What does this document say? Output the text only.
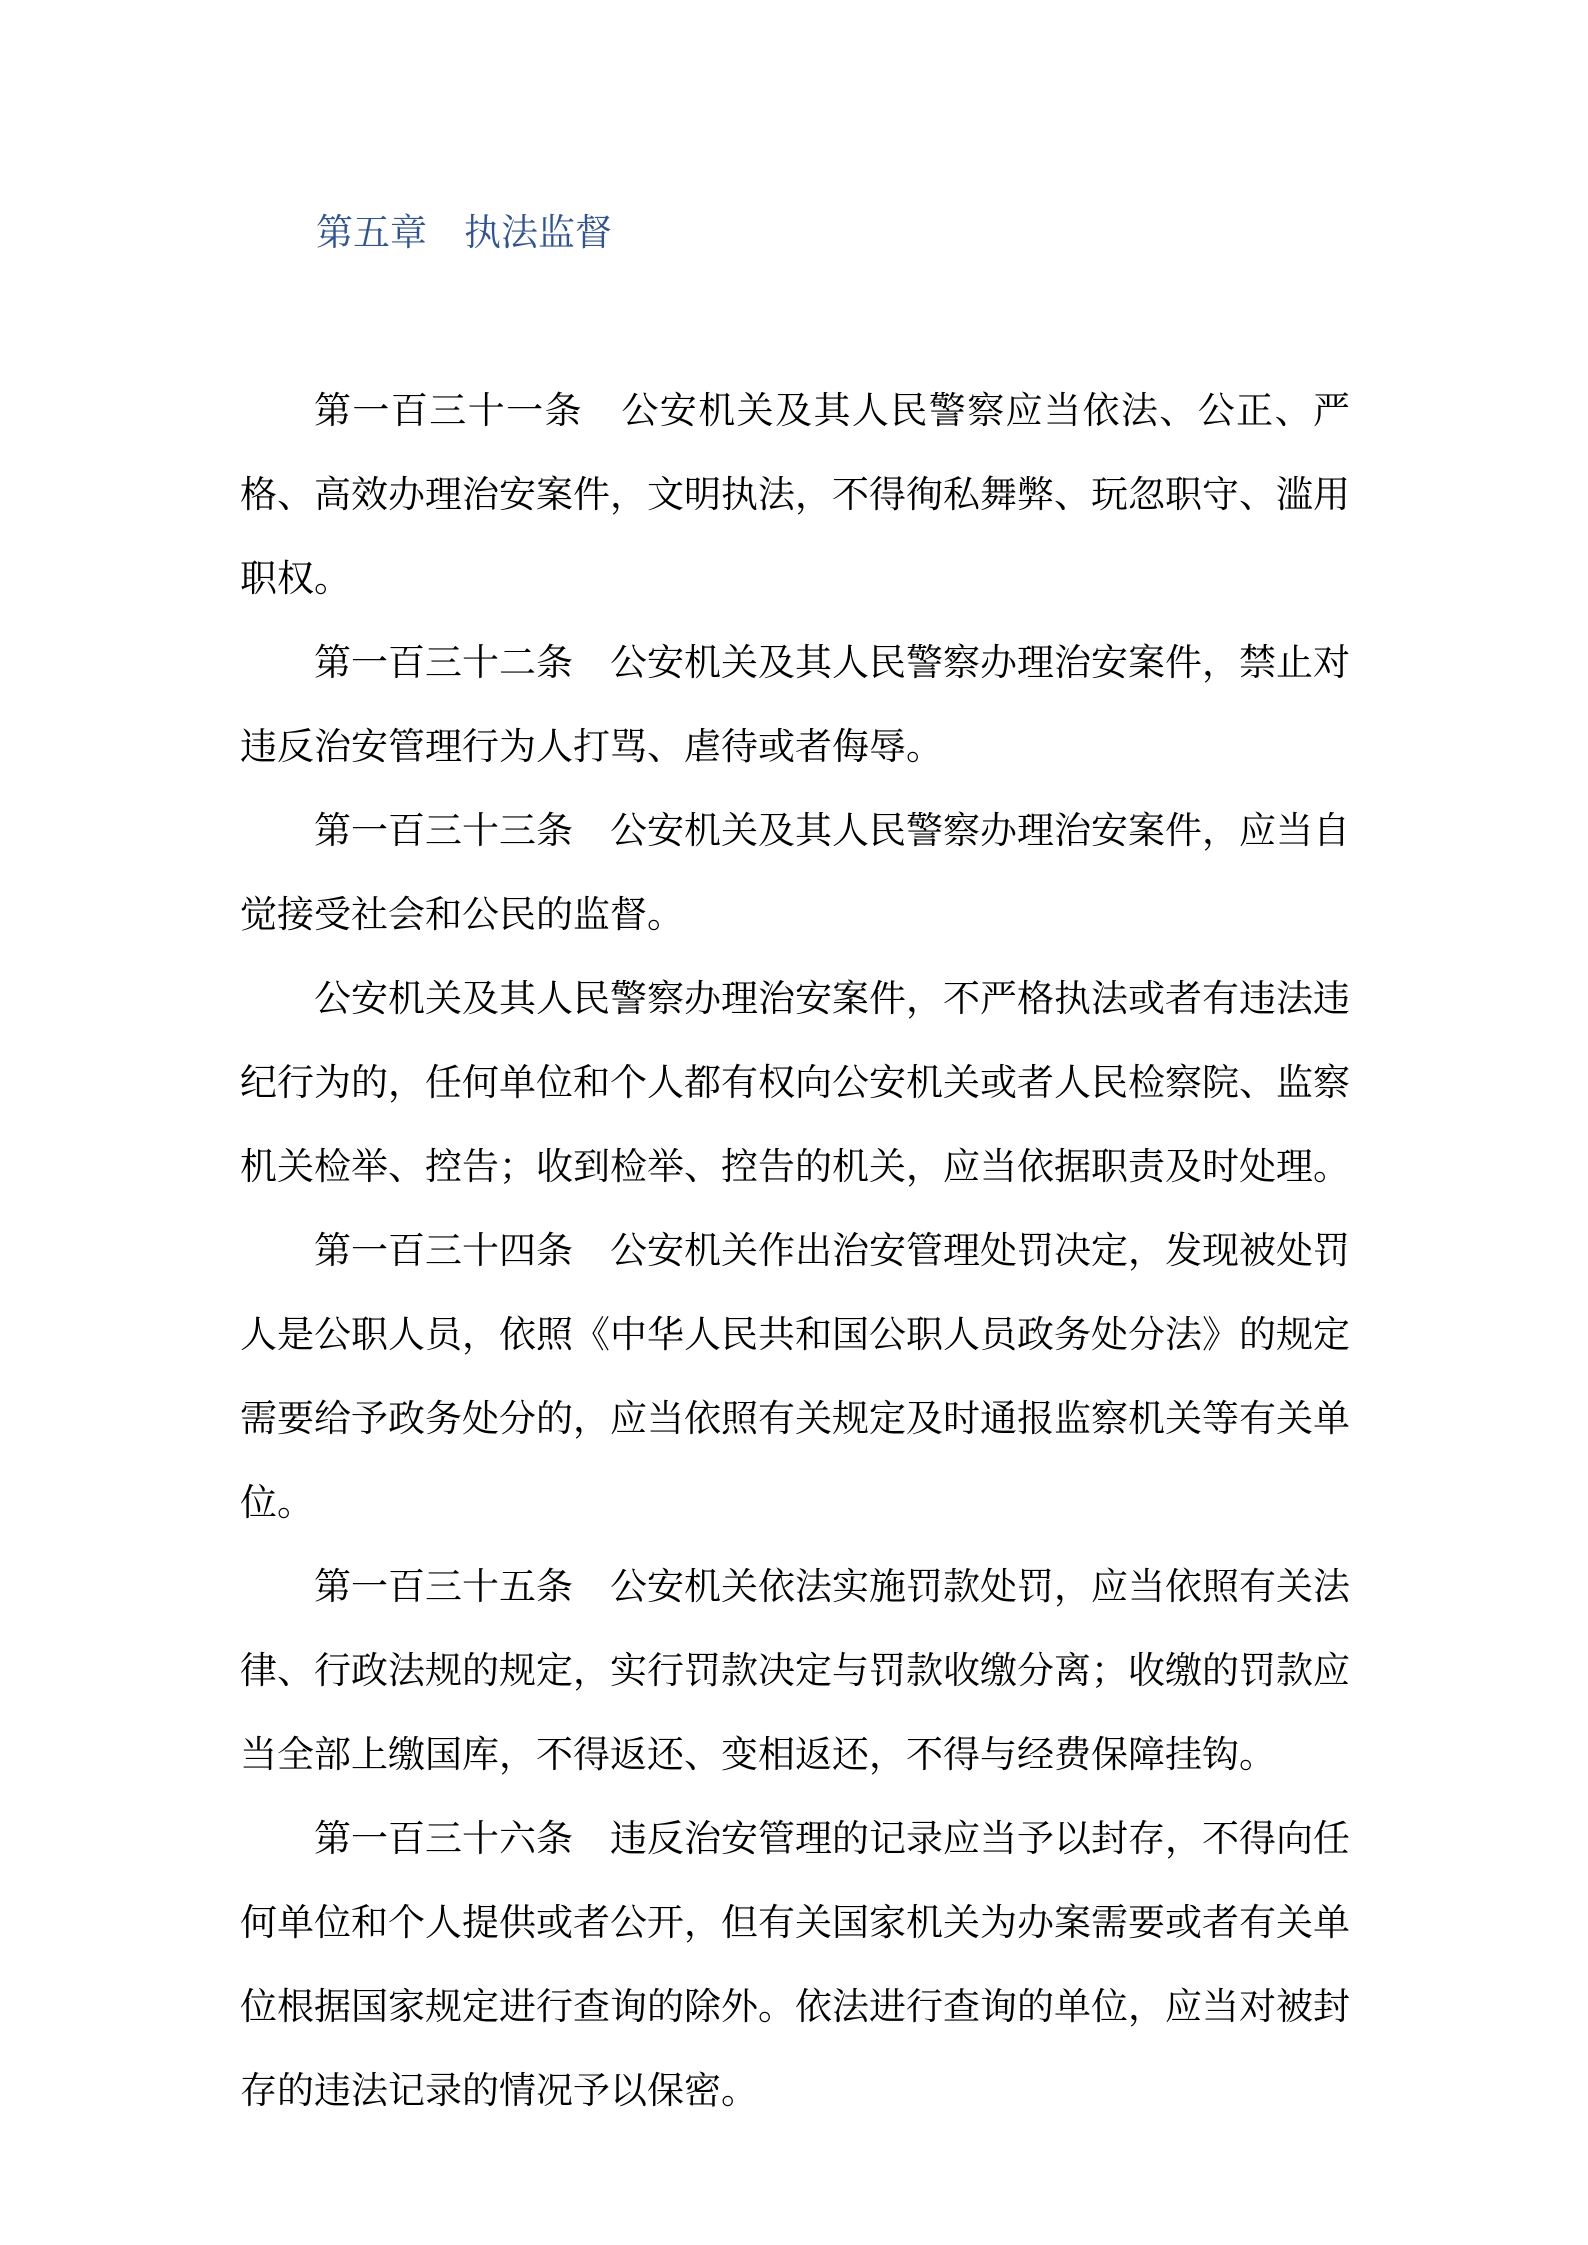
第五章　执法监督

第一百三十一条　公安机关及其人民警察应当依法、公正、严格、高效办理治安案件，文明执法，不得徇私舞弊、玩忽职守、滥用职权。

第一百三十二条　公安机关及其人民警察办理治安案件，禁止对违反治安管理行为人打骂、虐待或者侮辱。

第一百三十三条　公安机关及其人民警察办理治安案件，应当自觉接受社会和公民的监督。

公安机关及其人民警察办理治安案件，不严格执法或者有违法违纪行为的，任何单位和个人都有权向公安机关或者人民检察院、监察机关检举、控告；收到检举、控告的机关，应当依据职责及时处理。

第一百三十四条　公安机关作出治安管理处罚决定，发现被处罚人是公职人员，依照《中华人民共和国公职人员政务处分法》的规定需要给予政务处分的，应当依照有关规定及时通报监察机关等有关单位。

第一百三十五条　公安机关依法实施罚款处罚，应当依照有关法律、行政法规的规定，实行罚款决定与罚款收缴分离；收缴的罚款应当全部上缴国库，不得返还、变相返还，不得与经费保障挂钩。

第一百三十六条　违反治安管理的记录应当予以封存，不得向任何单位和个人提供或者公开，但有关国家机关为办案需要或者有关单位根据国家规定进行查询的除外。依法进行查询的单位，应当对被封存的违法记录的情况予以保密。
